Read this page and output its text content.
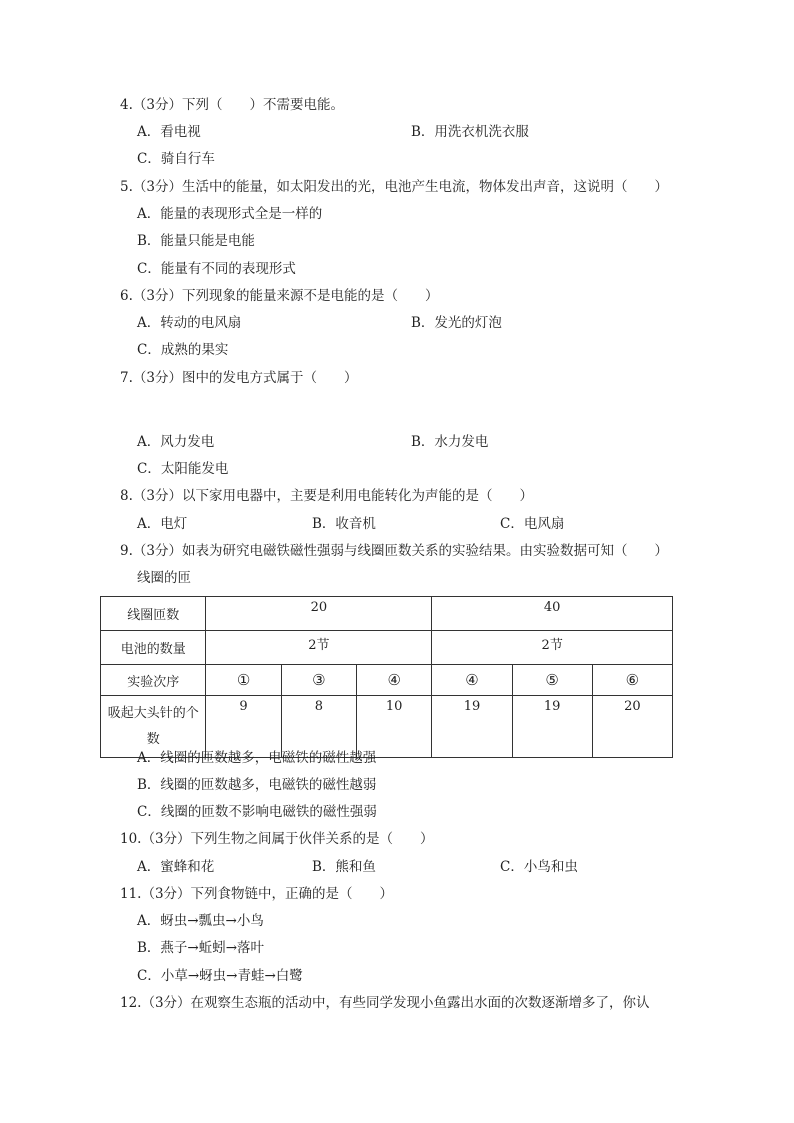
4.（3分）下列（　　）不需要电能。
A．看电视	B．用洗衣机洗衣服
C．骑自行车
5.（3分）生活中的能量，如太阳发出的光，电池产生电流，物体发出声音，这说明（　　）
A．能量的表现形式全是一样的
B．能量只能是电能
C．能量有不同的表现形式
6.（3分）下列现象的能量来源不是电能的是（　　）
A．转动的电风扇	B．发光的灯泡
C．成熟的果实
7.（3分）图中的发电方式属于（　　）
A．风力发电	B．水力发电
C．太阳能发电
8.（3分）以下家用电器中，主要是利用电能转化为声能的是（　　）
A．电灯	B．收音机	C．电风扇
9.（3分）如表为研究电磁铁磁性强弱与线圈匝数关系的实验结果。由实验数据可知（　　）
线圈的匝
线圈匝数	20			40		
电池的数量	2节			2节		
实验次序	①	③	④	④	⑤	⑥
吸起大头针的个数	9	8	10	19	19	20
A．线圈的匝数越多，电磁铁的磁性越强
B．线圈的匝数越多，电磁铁的磁性越弱
C．线圈的匝数不影响电磁铁的磁性强弱
10.（3分）下列生物之间属于伙伴关系的是（　　）
A．蜜蜂和花	B．熊和鱼	C．小鸟和虫
11.（3分）下列食物链中，正确的是（　　）
A．蚜虫→瓢虫→小鸟
B．燕子→蚯蚓→落叶
C．小草→蚜虫→青蛙→白鹭
12.（3分）在观察生态瓶的活动中，有些同学发现小鱼露出水面的次数逐渐增多了，你认
